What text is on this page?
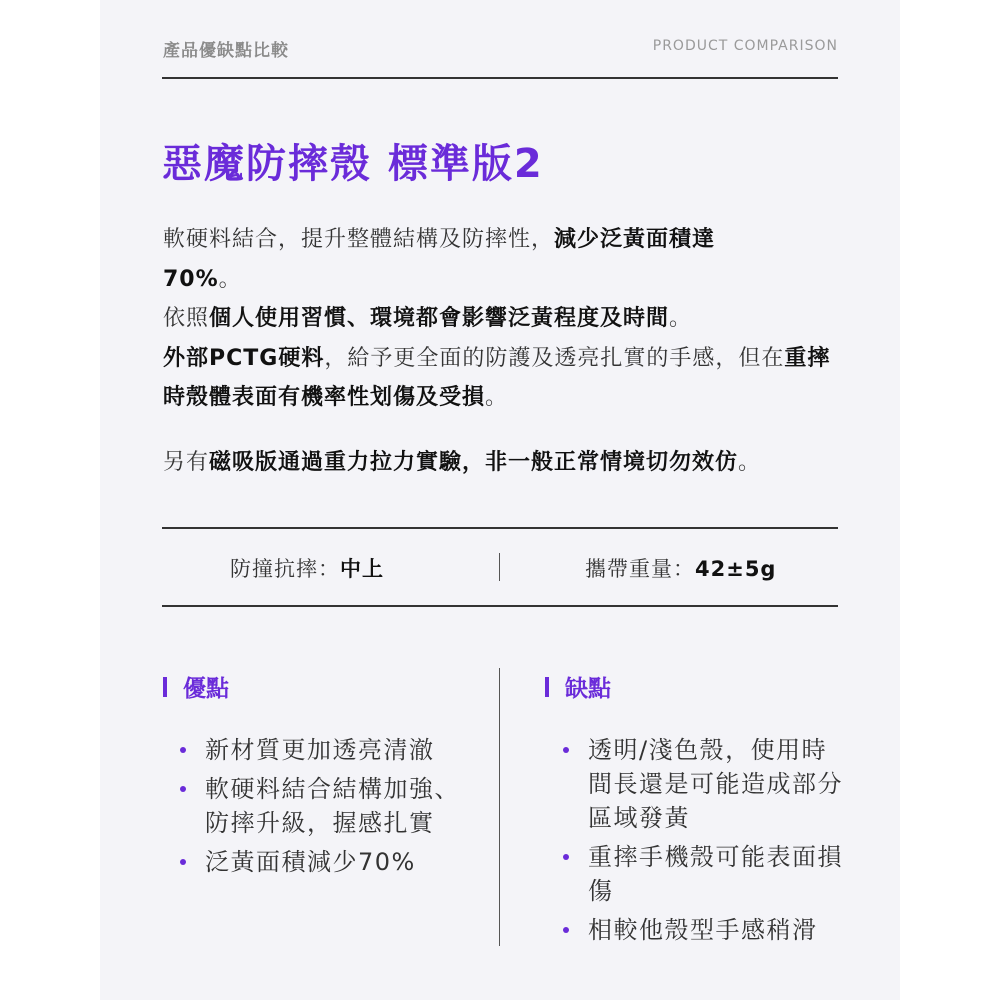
產品優缺點比較	PRODUCT COMPARISON
惡魔防摔殼 標準版2
軟硬料結合，提升整體結構及防摔性，減少泛黃面積達70%。
依照個人使用習慣、環境都會影響泛黃程度及時間。
外部PCTG硬料，給予更全面的防護及透亮扎實的手感，但在重摔時殼體表面有機率性划傷及受損。
另有磁吸版通過重力拉力實驗，非一般正常情境切勿效仿。
防撞抗摔：中上	攜帶重量：42±5g
優點	缺點
新材質更加透亮清澈
軟硬料結合結構加強、防摔升級，握感扎實
泛黃面積減少70%
透明/淺色殼，使用時間長還是可能造成部分區域發黃
重摔手機殼可能表面損傷
相較他殼型手感稍滑
